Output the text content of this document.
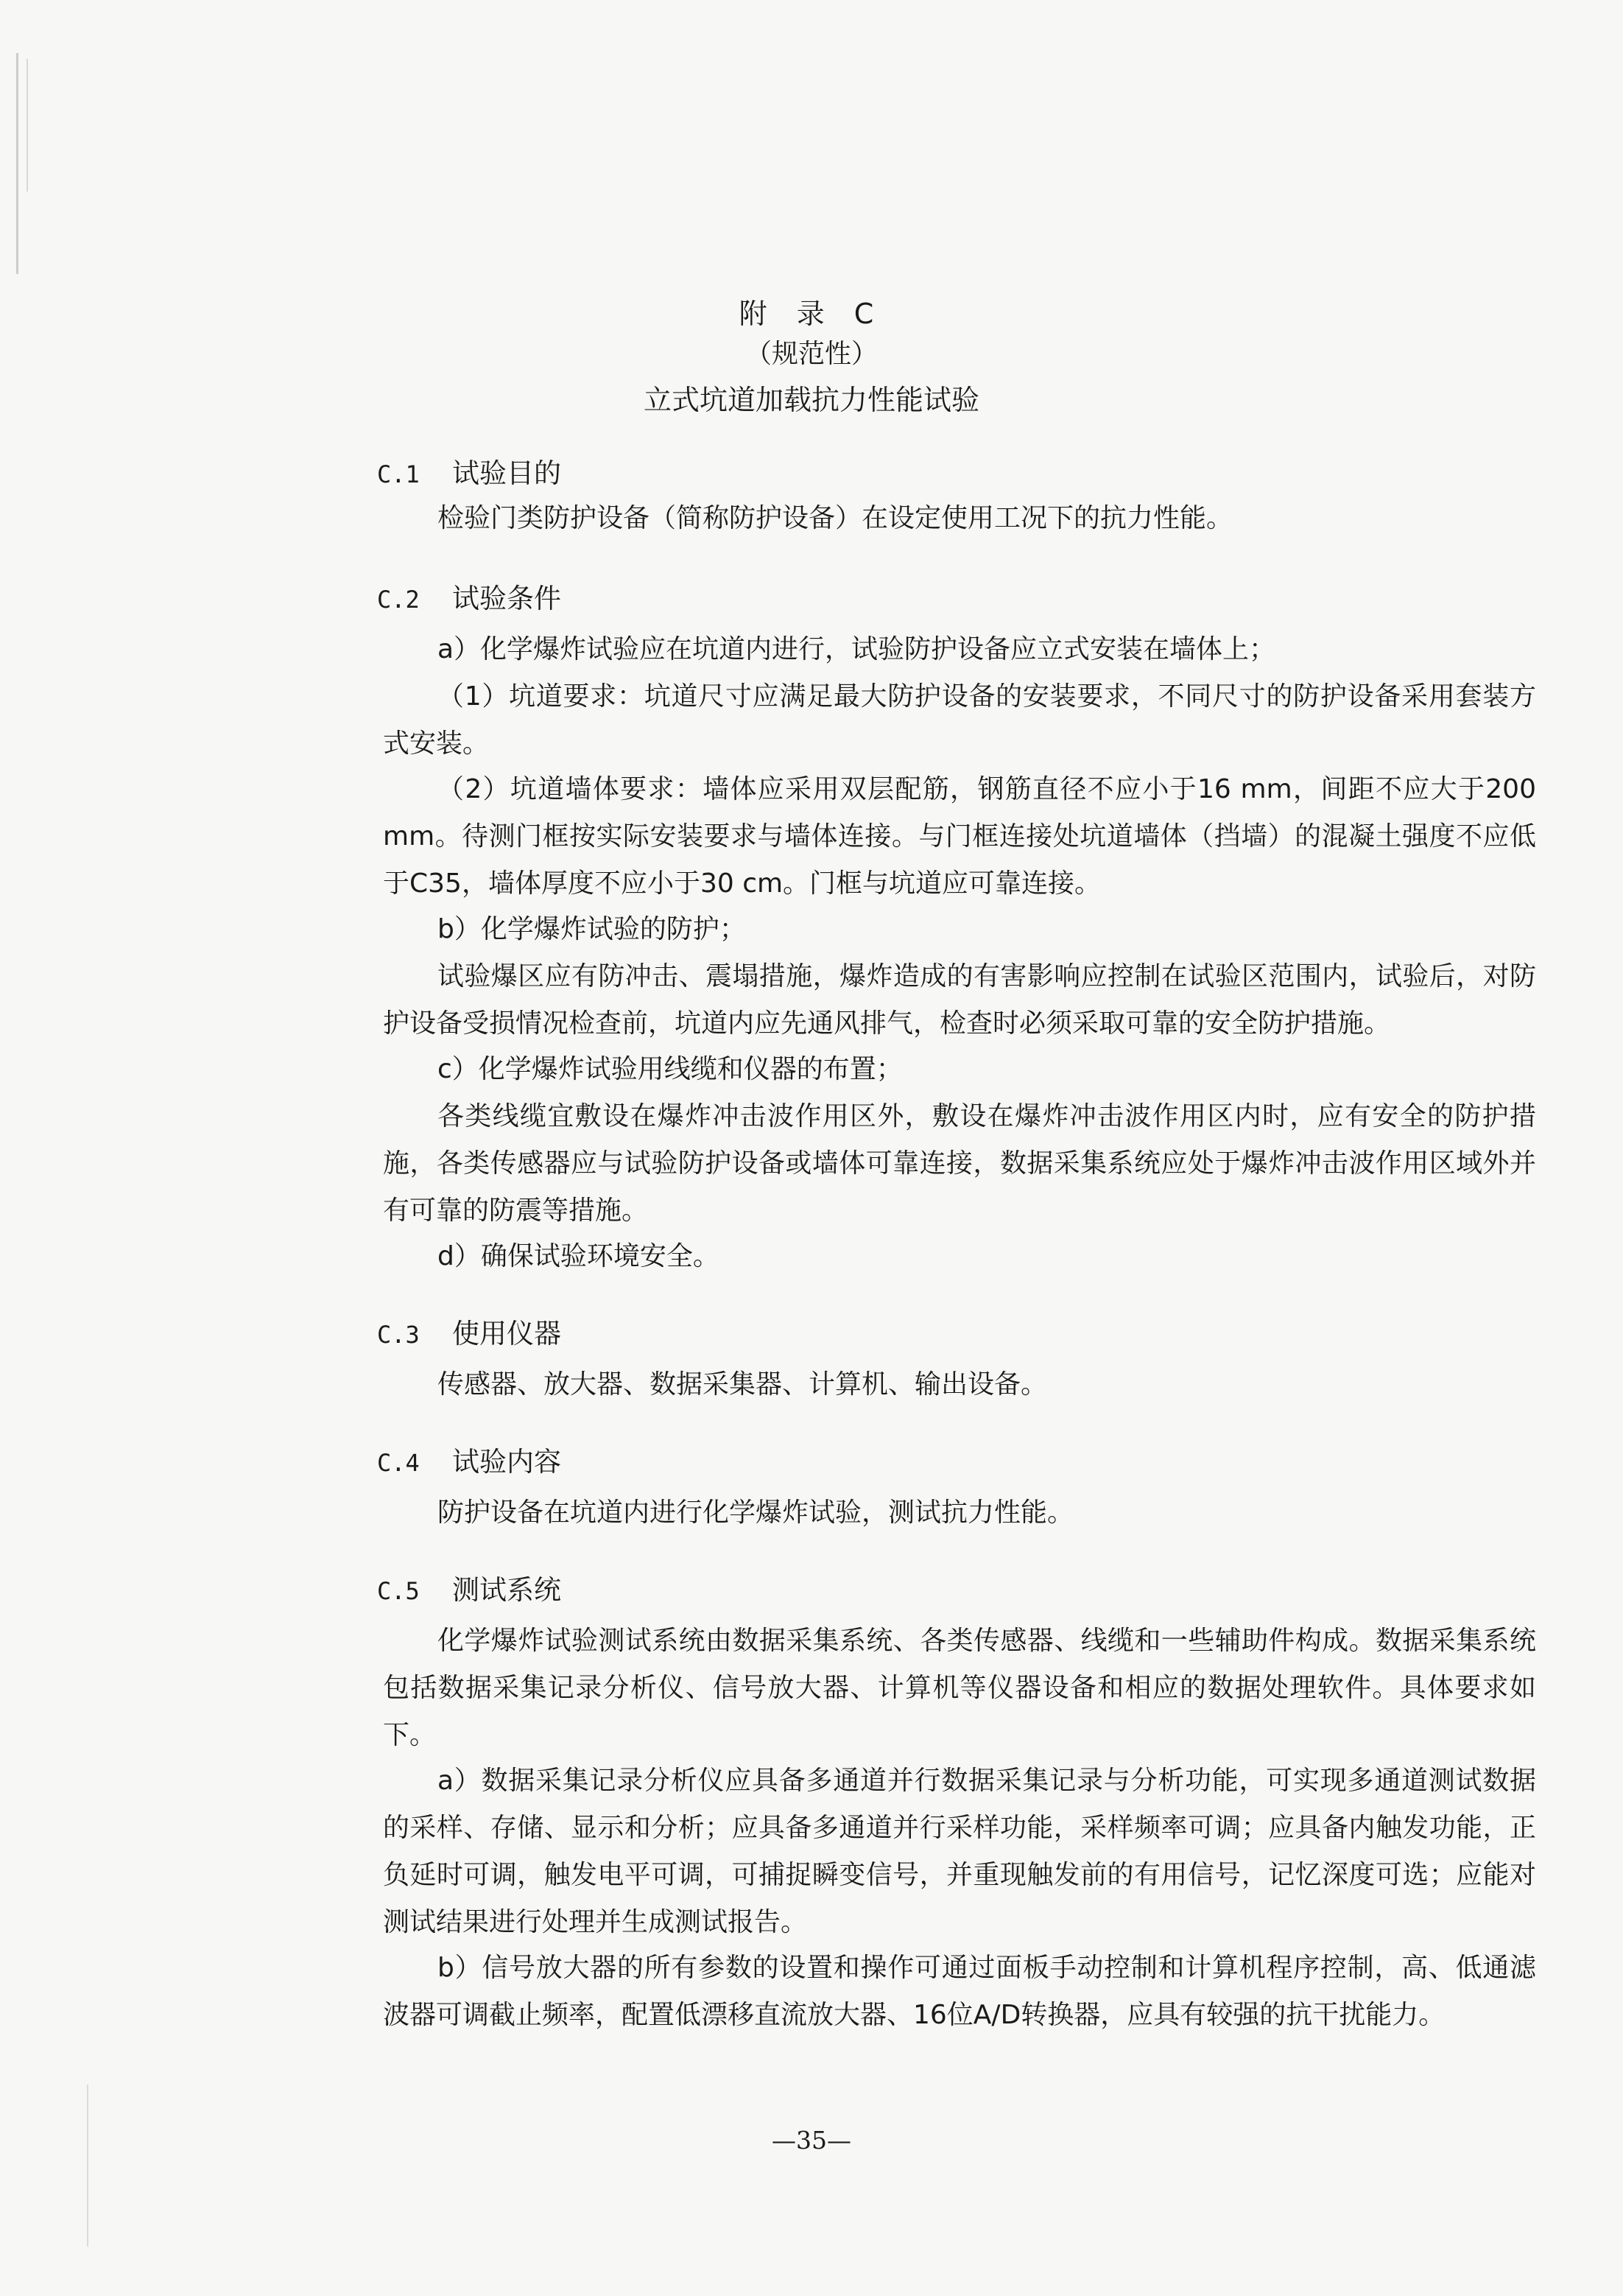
附 录 C
（规范性）
立式坑道加载抗力性能试验
C.1 试验目的
检验门类防护设备（简称防护设备）在设定使用工况下的抗力性能。
C.2 试验条件
a）化学爆炸试验应在坑道内进行，试验防护设备应立式安装在墙体上；
（1）坑道要求：坑道尺寸应满足最大防护设备的安装要求，不同尺寸的防护设备采用套装方式安装。
（2）坑道墙体要求：墙体应采用双层配筋，钢筋直径不应小于16 mm，间距不应大于200 mm。待测门框按实际安装要求与墙体连接。与门框连接处坑道墙体（挡墙）的混凝土强度不应低于C35，墙体厚度不应小于30 cm。门框与坑道应可靠连接。
b）化学爆炸试验的防护；
试验爆区应有防冲击、震塌措施，爆炸造成的有害影响应控制在试验区范围内，试验后，对防护设备受损情况检查前，坑道内应先通风排气，检查时必须采取可靠的安全防护措施。
c）化学爆炸试验用线缆和仪器的布置；
各类线缆宜敷设在爆炸冲击波作用区外，敷设在爆炸冲击波作用区内时，应有安全的防护措施，各类传感器应与试验防护设备或墙体可靠连接，数据采集系统应处于爆炸冲击波作用区域外并有可靠的防震等措施。
d）确保试验环境安全。
C.3 使用仪器
传感器、放大器、数据采集器、计算机、输出设备。
C.4 试验内容
防护设备在坑道内进行化学爆炸试验，测试抗力性能。
C.5 测试系统
化学爆炸试验测试系统由数据采集系统、各类传感器、线缆和一些辅助件构成。数据采集系统包括数据采集记录分析仪、信号放大器、计算机等仪器设备和相应的数据处理软件。具体要求如下。
a）数据采集记录分析仪应具备多通道并行数据采集记录与分析功能，可实现多通道测试数据的采样、存储、显示和分析；应具备多通道并行采样功能，采样频率可调；应具备内触发功能，正负延时可调，触发电平可调，可捕捉瞬变信号，并重现触发前的有用信号，记忆深度可选；应能对测试结果进行处理并生成测试报告。
b）信号放大器的所有参数的设置和操作可通过面板手动控制和计算机程序控制，高、低通滤波器可调截止频率，配置低漂移直流放大器、16位A/D转换器，应具有较强的抗干扰能力。
—35—
